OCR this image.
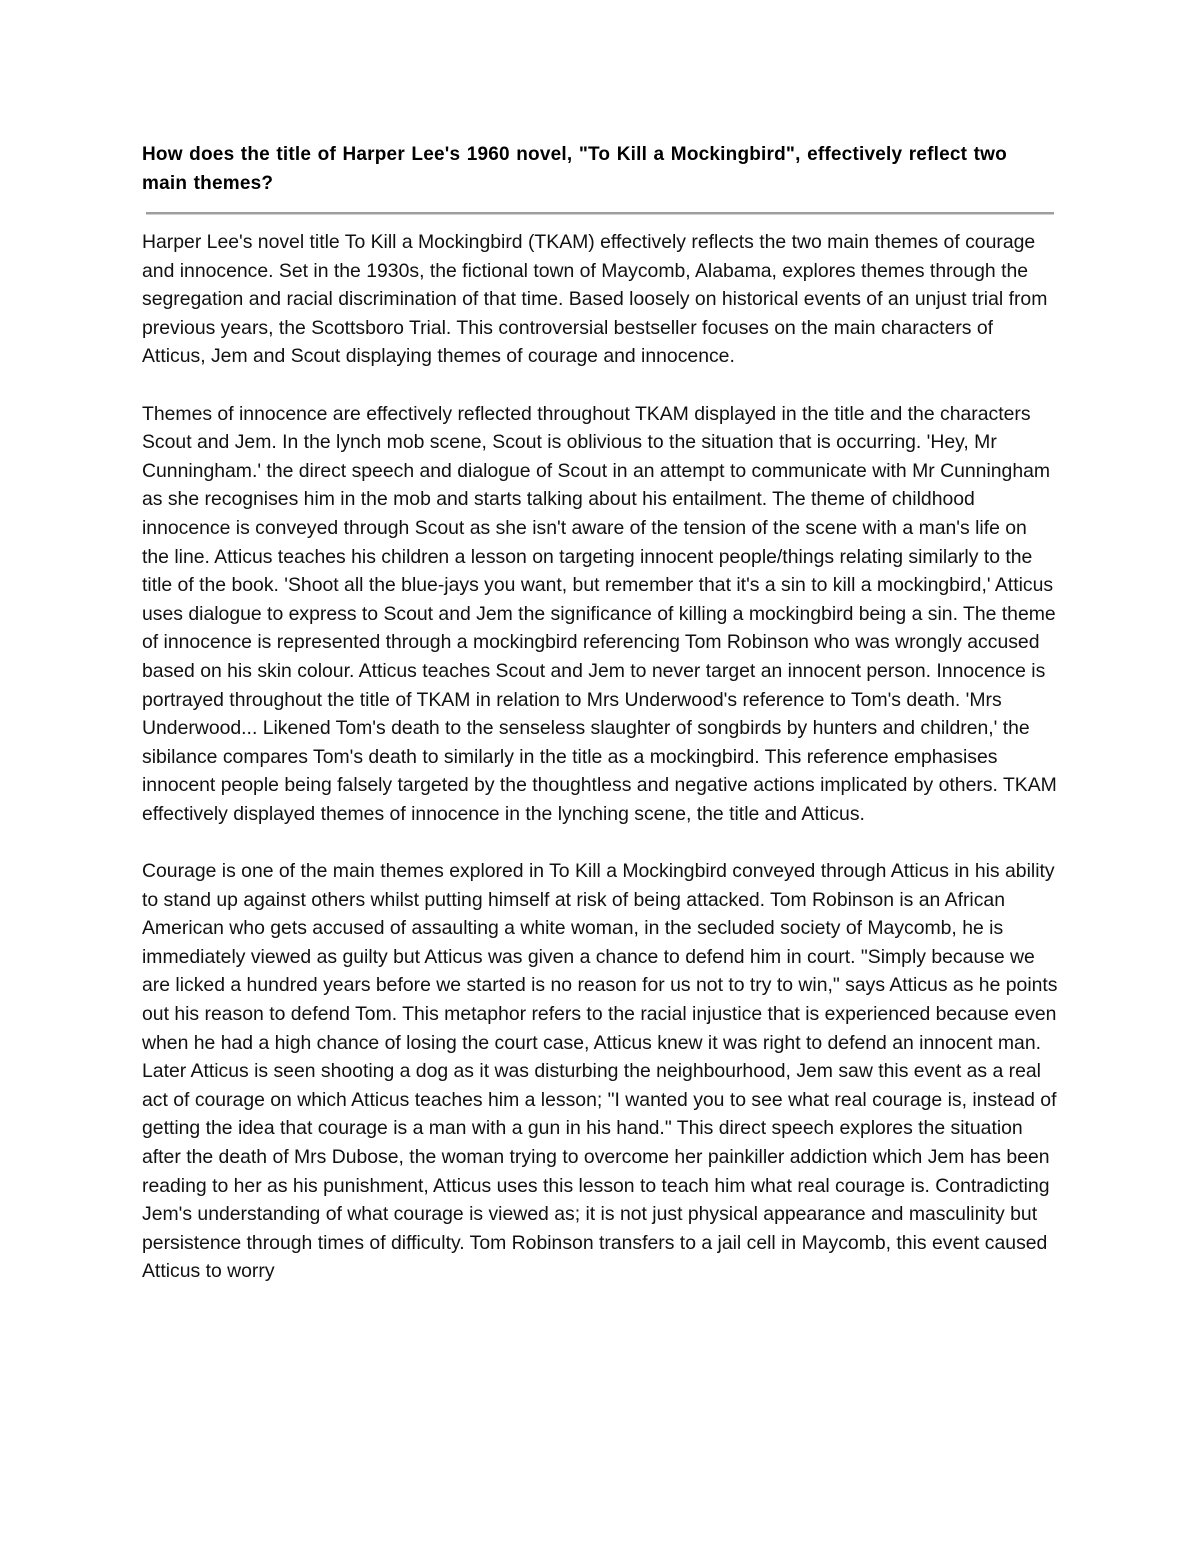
How does the title of Harper Lee's 1960 novel, "To Kill a Mockingbird", effectively reflect two main themes?

Harper Lee's novel title To Kill a Mockingbird (TKAM) effectively reflects the two main themes of courage and innocence. Set in the 1930s, the fictional town of Maycomb, Alabama, explores themes through the segregation and racial discrimination of that time. Based loosely on historical events of an unjust trial from previous years, the Scottsboro Trial. This controversial bestseller focuses on the main characters of Atticus, Jem and Scout displaying themes of courage and innocence.

Themes of innocence are effectively reflected throughout TKAM displayed in the title and the characters Scout and Jem. In the lynch mob scene, Scout is oblivious to the situation that is occurring. 'Hey, Mr Cunningham.' the direct speech and dialogue of Scout in an attempt to communicate with Mr Cunningham as she recognises him in the mob and starts talking about his entailment. The theme of childhood innocence is conveyed through Scout as she isn't aware of the tension of the scene with a man's life on the line. Atticus teaches his children a lesson on targeting innocent people/things relating similarly to the title of the book. 'Shoot all the blue-jays you want, but remember that it's a sin to kill a mockingbird,' Atticus uses dialogue to express to Scout and Jem the significance of killing a mockingbird being a sin. The theme of innocence is represented through a mockingbird referencing Tom Robinson who was wrongly accused based on his skin colour. Atticus teaches Scout and Jem to never target an innocent person. Innocence is portrayed throughout the title of TKAM in relation to Mrs Underwood's reference to Tom's death. 'Mrs Underwood... Likened Tom's death to the senseless slaughter of songbirds by hunters and children,' the sibilance compares Tom's death to similarly in the title as a mockingbird. This reference emphasises innocent people being falsely targeted by the thoughtless and negative actions implicated by others. TKAM effectively displayed themes of innocence in the lynching scene, the title and Atticus.

Courage is one of the main themes explored in To Kill a Mockingbird conveyed through Atticus in his ability to stand up against others whilst putting himself at risk of being attacked. Tom Robinson is an African American who gets accused of assaulting a white woman, in the secluded society of Maycomb, he is immediately viewed as guilty but Atticus was given a chance to defend him in court. "Simply because we are licked a hundred years before we started is no reason for us not to try to win," says Atticus as he points out his reason to defend Tom. This metaphor refers to the racial injustice that is experienced because even when he had a high chance of losing the court case, Atticus knew it was right to defend an innocent man. Later Atticus is seen shooting a dog as it was disturbing the neighbourhood, Jem saw this event as a real act of courage on which Atticus teaches him a lesson; "I wanted you to see what real courage is, instead of getting the idea that courage is a man with a gun in his hand." This direct speech explores the situation after the death of Mrs Dubose, the woman trying to overcome her painkiller addiction which Jem has been reading to her as his punishment, Atticus uses this lesson to teach him what real courage is. Contradicting Jem's understanding of what courage is viewed as; it is not just physical appearance and masculinity but persistence through times of difficulty. Tom Robinson transfers to a jail cell in Maycomb, this event caused Atticus to worry
